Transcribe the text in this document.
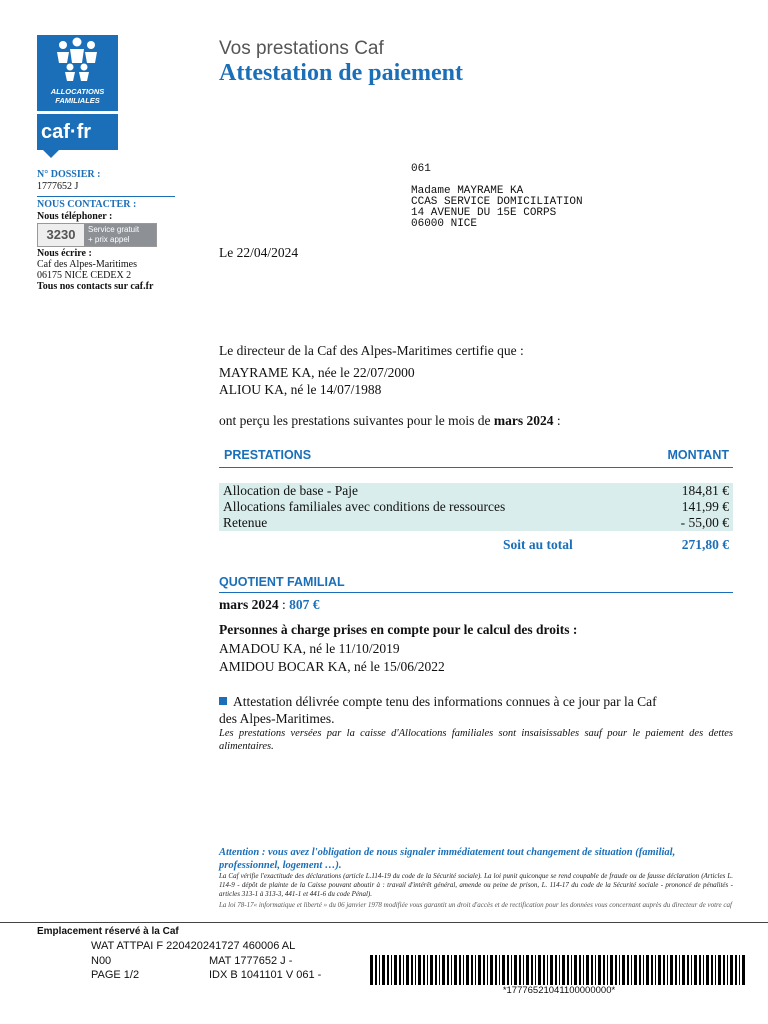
ALLOCATIONS
FAMILIALES
caf·fr
N° DOSSIER :
1777652 J
NOUS CONTACTER :
Nous téléphoner :
3230	Service gratuit
+ prix appel
Nous écrire :
Caf des Alpes-Maritimes
06175 NICE CEDEX 2
Tous nos contacts sur caf.fr
Vos prestations Caf
Attestation de paiement
061
Madame MAYRAME KA
CCAS SERVICE DOMICILIATION
14 AVENUE DU 15E CORPS
06000 NICE
Le 22/04/2024
Le directeur de la Caf des Alpes-Maritimes certifie que :
MAYRAME KA, née le 22/07/2000
ALIOU KA, né le 14/07/1988
ont perçu les prestations suivantes pour le mois de mars 2024 :
PRESTATIONS	MONTANT
Allocation de base - Paje	184,81 €
Allocations familiales avec conditions de ressources	141,99 €
Retenue	- 55,00 €
Soit au total	271,80 €
QUOTIENT FAMILIAL
mars 2024 : 807 €
Personnes à charge prises en compte pour le calcul des droits :
AMADOU KA, né le 11/10/2019
AMIDOU BOCAR KA, né le 15/06/2022
Attestation délivrée compte tenu des informations connues à ce jour par la Caf
des Alpes-Maritimes.
Les prestations versées par la caisse d'Allocations familiales sont insaisissables sauf pour le paiement des dettes alimentaires.
Attention : vous avez l'obligation de nous signaler immédiatement tout changement de situation (familial, professionnel, logement …).
La Caf vérifie l'exactitude des déclarations (article L.114-19 du code de la Sécurité sociale). La loi punit quiconque se rend coupable de fraude ou de fausse déclaration (Articles L. 114-9 - dépôt de plainte de la Caisse pouvant aboutir à : travail d'intérêt général, amende ou peine de prison, L. 114-17 du code de la Sécurité sociale - prononcé de pénalités - articles 313-1 à 313-3, 441-1 et 441-6 du code Pénal).
La loi 78-17« informatique et liberté » du 06 janvier 1978 modifiée vous garantit un droit d'accès et de rectification pour les données vous concernant auprès du directeur de votre caf
Emplacement réservé à la Caf
WAT ATTPAI F 220420241727 460006 AL
N00	MAT 1777652 J -
PAGE 1/2	IDX B 1041101 V 061 -
*17776521041100000000*
